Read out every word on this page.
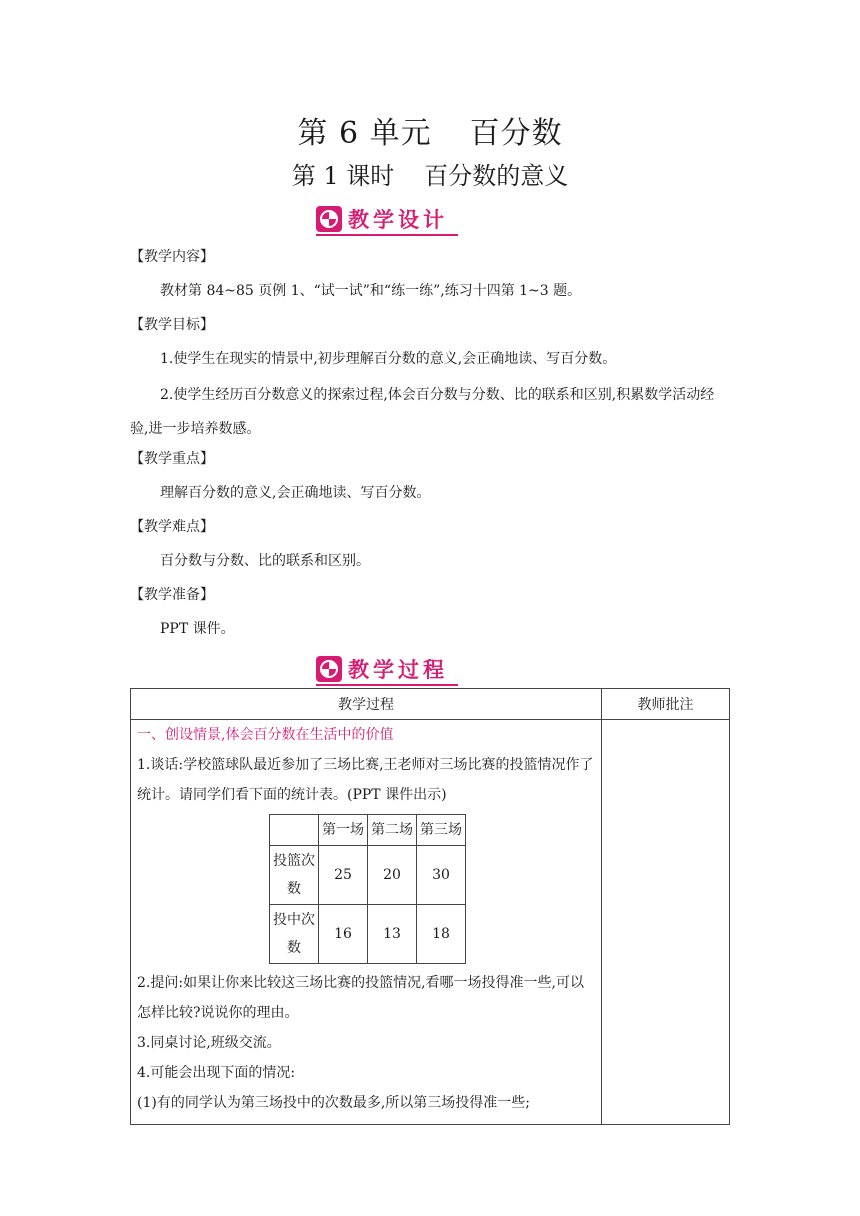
第 6 单元 百分数
第 1 课时 百分数的意义
教学设计
【教学内容】
教材第 84~85 页例 1、“试一试”和“练一练”,练习十四第 1~3 题。
【教学目标】
1.使学生在现实的情景中,初步理解百分数的意义,会正确地读、写百分数。
2.使学生经历百分数意义的探索过程,体会百分数与分数、比的联系和区别,积累数学活动经验,进一步培养数感。
【教学重点】
理解百分数的意义,会正确地读、写百分数。
【教学难点】
百分数与分数、比的联系和区别。
【教学准备】
PPT 课件。
教学过程
教学过程	教师批注

一、创设情景,体会百分数在生活中的价值
1.谈话:学校篮球队最近参加了三场比赛,王老师对三场比赛的投篮情况作了统计。请同学们看下面的统计表。(PPT 课件出示)
	第一场	第二场	第三场
投篮次数	25	20	30
投中次数	16	13	18
2.提问:如果让你来比较这三场比赛的投篮情况,看哪一场投得准一些,可以怎样比较?说说你的理由。
3.同桌讨论,班级交流。
4.可能会出现下面的情况:
(1)有的同学认为第三场投中的次数最多,所以第三场投得准一些;
